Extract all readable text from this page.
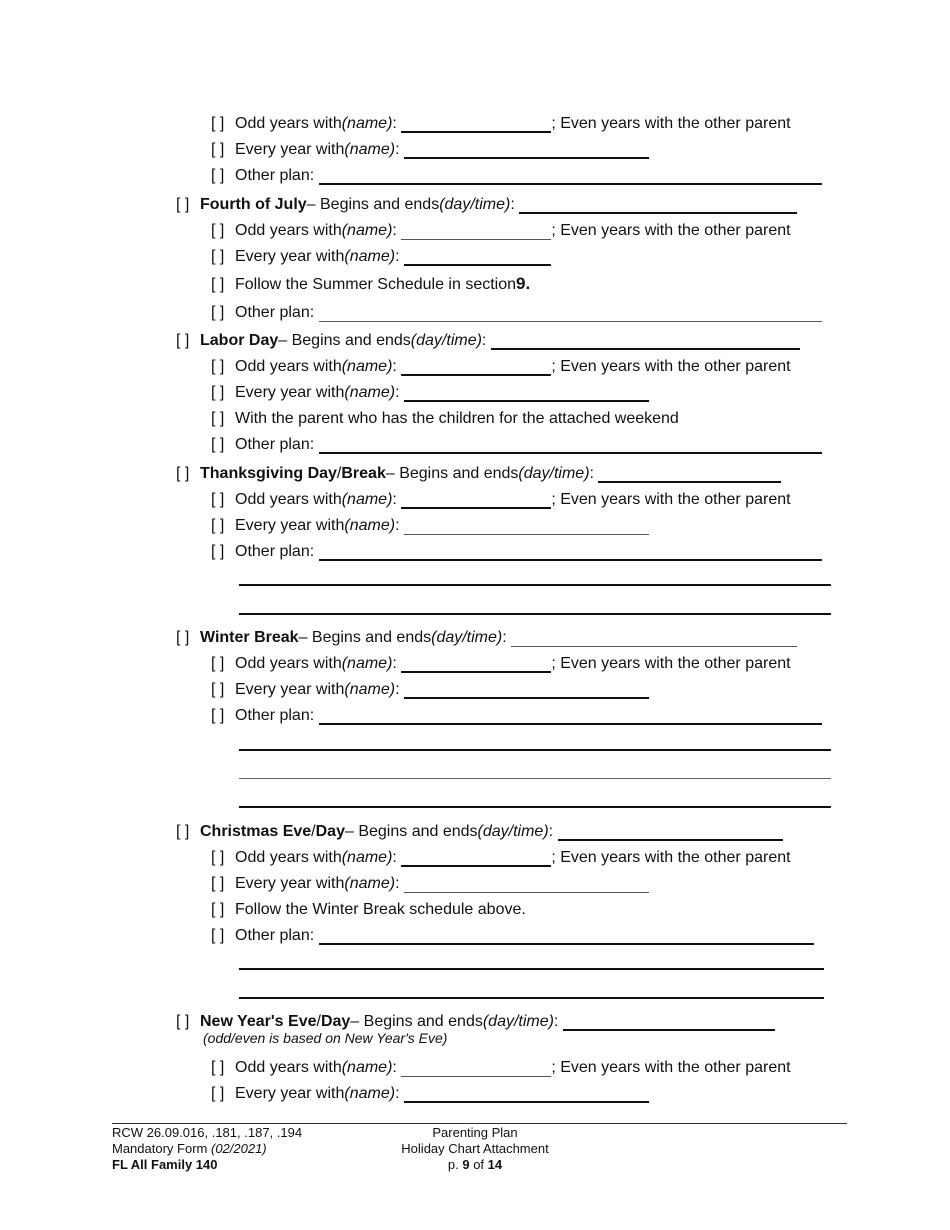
[ ] Odd years with (name) :
	; Even years with the other parent
[ ] Every year with (name) :

[ ] Other plan:

[ ] Fourth of July – Begins and ends (day/time) :

[ ] Odd years with (name) :
	; Even years with the other parent
[ ] Every year with (name) :

[ ] Follow the Summer Schedule in section 9.
[ ] Other plan:

[ ] Labor Day – Begins and ends (day/time) :

[ ] Odd years with (name) :
	; Even years with the other parent
[ ] Every year with (name) :

[ ] With the parent who has the children for the attached weekend
[ ] Other plan:

[ ] Thanksgiving Day / Break – Begins and ends (day/time) :

[ ] Odd years with (name) :
	; Even years with the other parent
[ ] Every year with (name) :

[ ] Other plan:

[ ] Winter Break – Begins and ends (day/time) :

[ ] Odd years with (name) :
	; Even years with the other parent
[ ] Every year with (name) :

[ ] Other plan:

[ ] Christmas Eve / Day – Begins and ends (day/time) :

[ ] Odd years with (name) :
	; Even years with the other parent
[ ] Every year with (name) :

[ ] Follow the Winter Break schedule above.
[ ] Other plan:

[ ] New Year's Eve / Day – Begins and ends (day/time) :

(odd/even is based on New Year's Eve)
[ ] Odd years with (name) :
	; Even years with the other parent
[ ] Every year with (name) :

RCW 26.09.016, .181, .187, .194
Mandatory Form (02/2021)
FL All Family 140
Parenting Plan
Holiday Chart Attachment
p. 9 of 14
